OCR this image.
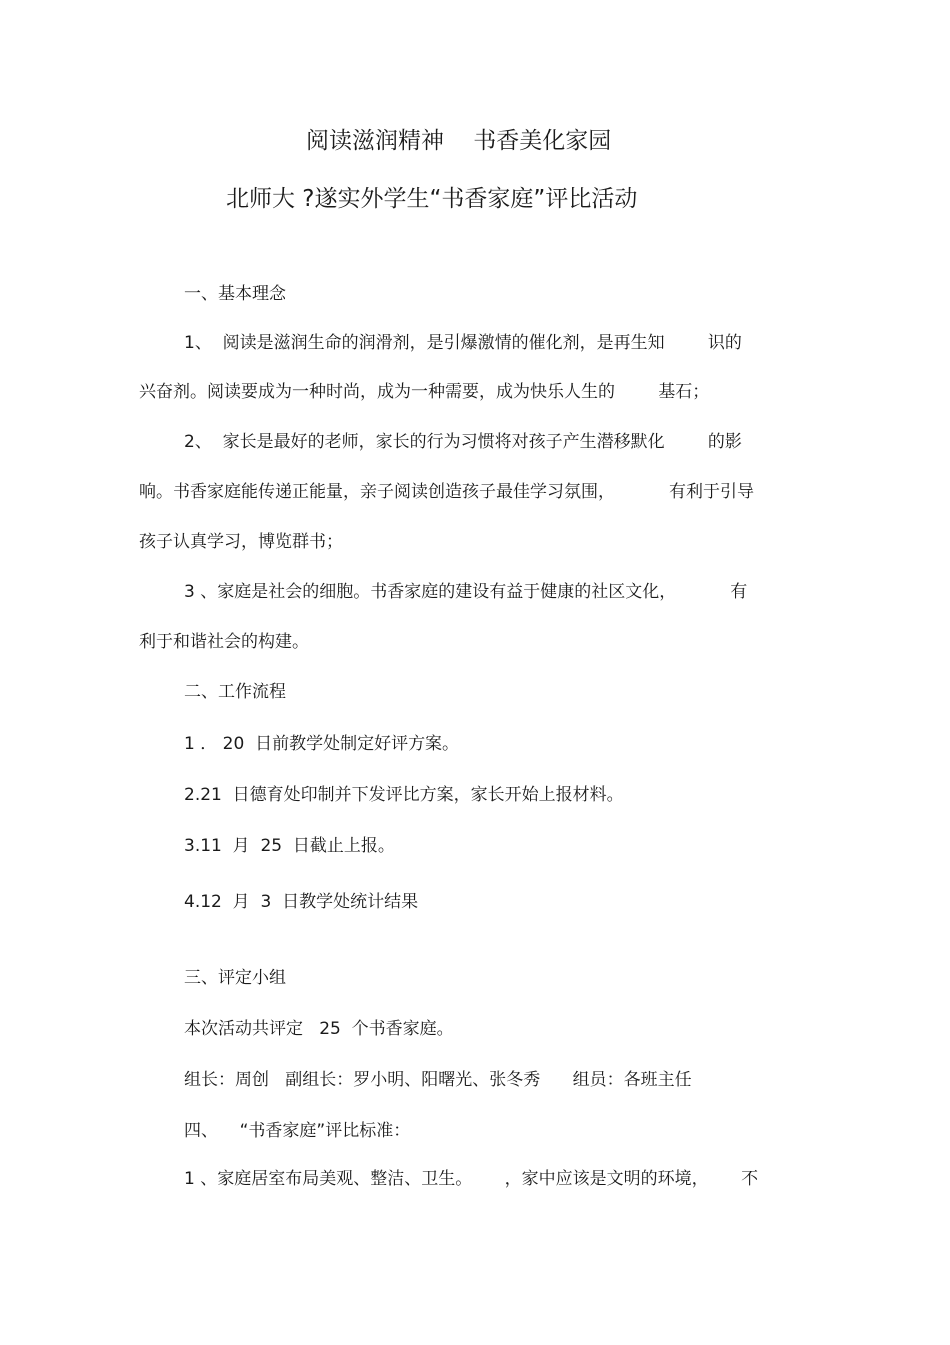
阅读滋润精神    书香美化家园
北师大 ?遂实外学生“书香家庭”评比活动
一、基本理念
1、  阅读是滋润生命的润滑剂，是引爆激情的催化剂，是再生知        识的
兴奋剂。阅读要成为一种时尚，成为一种需要，成为快乐人生的        基石；
2、  家长是最好的老师，家长的行为习惯将对孩子产生潜移默化        的影
响。书香家庭能传递正能量，亲子阅读创造孩子最佳学习氛围，          有利于引导
孩子认真学习，博览群书；
3 、家庭是社会的细胞。书香家庭的建设有益于健康的社区文化，          有
利于和谐社会的构建。
二、工作流程
1 ． 20  日前教学处制定好评方案。
2.21  日德育处印制并下发评比方案，家长开始上报材料。
3.11  月  25  日截止上报。
4.12  月  3  日教学处统计结果
三、评定小组
本次活动共评定   25  个书香家庭。
组长：周创   副组长：罗小明、阳曙光、张冬秀      组员：各班主任
四、    “书香家庭”评比标准：
1 、家庭居室布局美观、整洁、卫生。      ，家中应该是文明的环境，      不
